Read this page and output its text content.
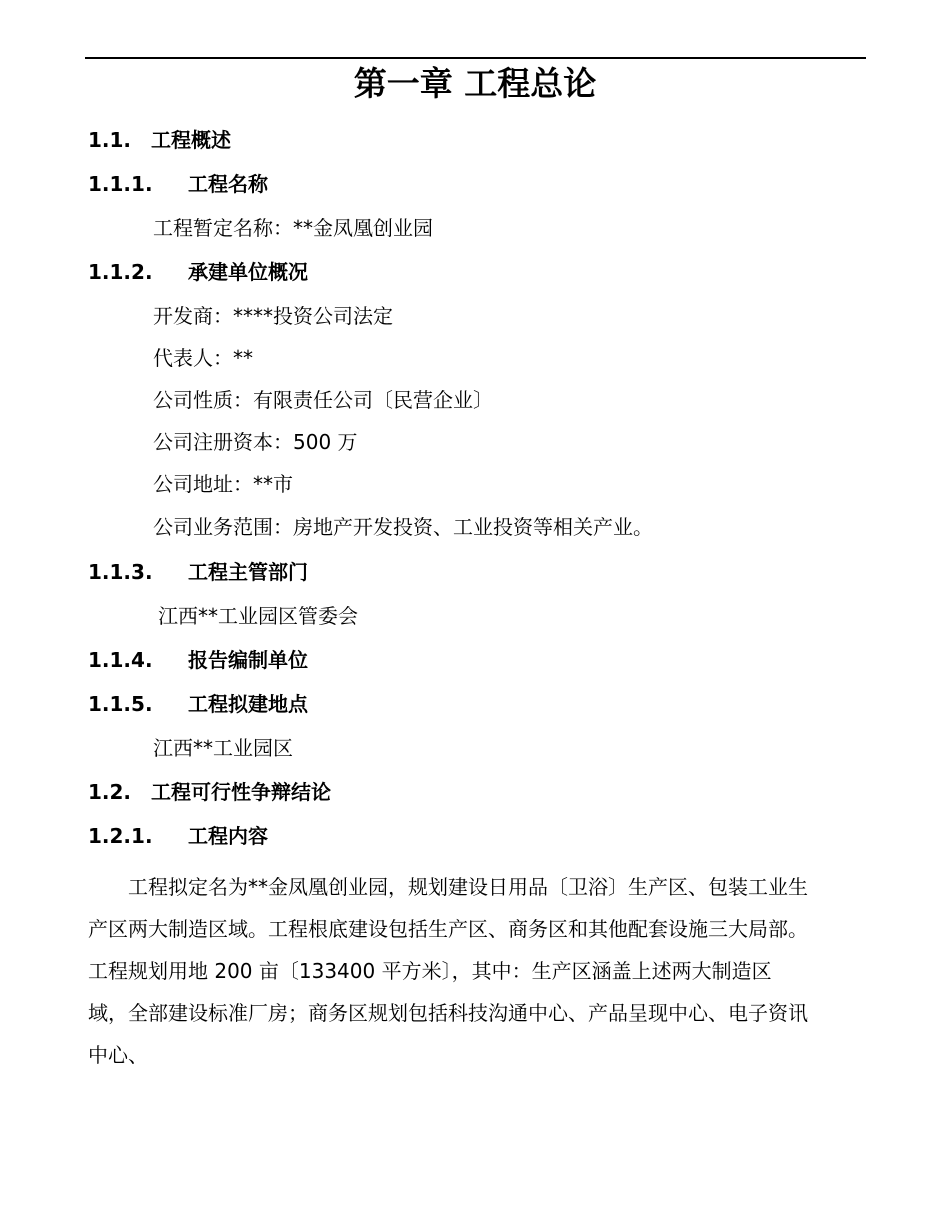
第一章 工程总论
1.1. 工程概述
1.1.1. 工程名称
工程暂定名称：**金凤凰创业园
1.1.2. 承建单位概况
开发商：****投资公司法定
代表人：**
公司性质：有限责任公司〔民营企业〕
公司注册资本：500 万
公司地址：**市
公司业务范围：房地产开发投资、工业投资等相关产业。
1.1.3. 工程主管部门
江西**工业园区管委会
1.1.4. 报告编制单位
1.1.5. 工程拟建地点
江西**工业园区
1.2. 工程可行性争辩结论
1.2.1. 工程内容
　　工程拟定名为**金凤凰创业园，规划建设日用品〔卫浴〕生产区、包装工业生
产区两大制造区域。工程根底建设包括生产区、商务区和其他配套设施三大局部。
工程规划用地 200 亩〔133400 平方米〕，其中：生产区涵盖上述两大制造区
域，全部建设标准厂房；商务区规划包括科技沟通中心、产品呈现中心、电子资讯
中心、
